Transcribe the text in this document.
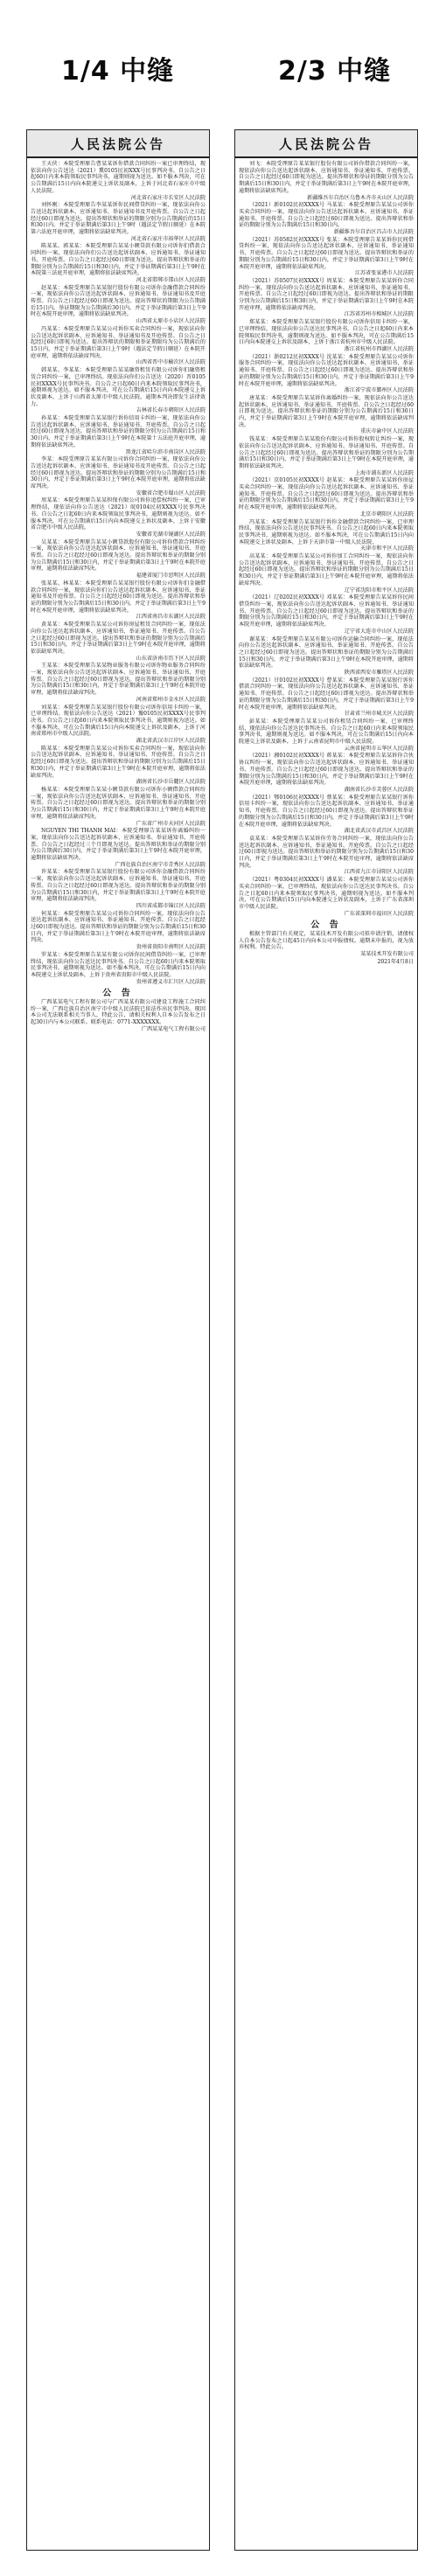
1/4 中缝	2/3 中缝
人民法院公告

王天侠：本院受理原告曹某某诉你借款合同纠纷一案已审理终结，现依法向你公告送达（2021）冀0105民初XXX号民事判决书。自公告之日起60日内来本院领取民事判决书，逾期则视为送达。如不服本判决，可在公告期满后15日内向本院递交上诉状及副本，上诉于河北省石家庄市中级人民法院。

河北省石家庄市长安区人民法院

刘怀刚：本院受理原告李某某诉你民间借贷纠纷一案，现依法向你公告送达起诉状副本、应诉通知书、举证通知书及开庭传票。自公告之日起经过60日即视为送达。提出答辩状和举证的期限分别为公告期满后的15日和30日内。并定于举证期满后第3日上午9时（遇法定节假日顺延）在本院第六法庭开庭审理，逾期将依法缺席判决。

河北省石家庄市裕华区人民法院

陈某某、郭某某：本院受理原告某某小额贷款有限公司诉你们借款合同纠纷一案，现依法向你们公告送达起诉状副本、应诉通知书、举证通知书、开庭传票。自公告之日起经过60日即视为送达。提出答辩状和举证的期限分别为公告期满后15日和30日内，并定于举证期满后第3日上午9时在本院第三法庭开庭审理，逾期将依法缺席判决。

河北省邯郸市邯山区人民法院

赵某某：本院受理原告某某银行股份有限公司诉你金融借款合同纠纷一案，现依法向你公告送达起诉状副本、应诉通知书、举证通知书及开庭传票。自公告之日起经过60日即视为送达。提出答辩状的期限为公告期满后15日内，举证期限为公告期满后30日内。并定于举证期满后第3日上午9时在本院开庭审理，逾期将依法缺席判决。

山西省太原市小店区人民法院

冯某某：本院受理原告某某公司诉你买卖合同纠纷一案，现依法向你公告送达起诉状副本、应诉通知书、举证通知书及开庭传票。自公告之日起经过60日即视为送达。提出答辩状的期限和举证期限均为公告期满后的15日内，并定于举证期满后第3日上午9时（遇法定节假日顺延）在本院开庭审理，逾期将依法缺席判决。

山西省晋中市榆次区人民法院

韩某某、李某某：本院受理原告某某融资租赁有限公司诉你们融资租赁合同纠纷一案，已审理终结。现依法向你们公告送达（2020）晋0105民初XXXX号民事判决书。自公告之日起60日内来本院领取民事判决书，逾期则视为送达。如不服本判决，可在公告期满后15日内向本院递交上诉状及副本，上诉于山西省太原市中级人民法院。逾期本判决即发生法律效力。

吉林省长春市朝阳区人民法院

孙某某：本院受理原告某某银行诉你信用卡纠纷一案，现依法向你公告送达起诉状副本、应诉通知书、举证通知书、开庭传票。自公告之日起经过60日即视为送达。提出答辩状和举证的期限分别为公告期满后15日和30日内，并定于举证期满后第3日上午9时在本院第十五法庭开庭审理，逾期将依法缺席判决。

黑龙江省哈尔滨市南岗区人民法院

李某：本院受理原告某某有限公司诉你合同纠纷一案，现依法向你公告送达起诉状副本、应诉通知书、举证通知书及开庭传票。自公告之日起经过60日即视为送达。提出答辩状和举证的期限分别为公告期满后15日和30日内，并定于举证期满后第3日上午9时在本院开庭审理，逾期将依法缺席判决。

安徽省合肥市蜀山区人民法院

周某某：本院受理原告某某担保有限公司诉你追偿权纠纷一案，已审理终结，现依法向你公告送达（2021）皖0104民初XXXX号民事判决书。自公告之日起60日内来本院领取民事判决书，逾期则视为送达。如不服本判决，可在公告期满后15日内向本院递交上诉状及副本，上诉于安徽省合肥市中级人民法院。

安徽省芜湖市镜湖区人民法院

吴某某：本院受理原告某某小额贷款股份有限公司诉你借款合同纠纷一案，现依法向你公告送达起诉状副本、应诉通知书、举证通知书、开庭传票。自公告之日起经过60日即视为送达。提出答辩状和举证的期限分别为公告期满后15日和30日内，并定于举证期满后第3日上午9时在本院开庭审理，逾期将依法缺席判决。

福建省厦门市思明区人民法院

张某某、林某某：本院受理原告某某银行股份有限公司诉你们金融借款合同纠纷一案，现依法向你们公告送达起诉状副本、应诉通知书、举证通知书及开庭传票。自公告之日起经过60日即视为送达。提出答辩状和举证的期限分别为公告期满后15日和30日内。并定于举证期满后第3日上午9时在本院开庭审理，逾期将依法缺席判决。

江西省南昌市东湖区人民法院

黄某某：本院受理原告某某公司诉你房屋租赁合同纠纷一案，现依法向你公告送达起诉状副本、应诉通知书、举证通知书、开庭传票。自公告之日起经过60日即视为送达。提出答辩状和举证的期限分别为公告期满后15日和30日内，并定于举证期满后第3日上午9时在本院开庭审理，逾期将依法缺席判决。

山东省济南市历下区人民法院

王某某：本院受理原告某某物业服务有限公司诉你物业服务合同纠纷一案，现依法向你公告送达起诉状副本、应诉通知书、举证通知书、开庭传票。自公告之日起经过60日即视为送达。提出答辩状和举证的期限分别为公告期满后15日和30日内，并定于举证期满后第3日上午9时在本院开庭审理，逾期将依法缺席判决。

河南省郑州市金水区人民法院

刘某某：本院受理原告某某银行股份有限公司诉你信用卡纠纷一案，已审理终结。现依法向你公告送达（2021）豫0105民初XXXX号民事判决书。自公告之日起60日内来本院领取民事判决书，逾期则视为送达。如不服本判决，可在公告期满后15日内向本院递交上诉状及副本，上诉于河南省郑州市中级人民法院。

湖北省武汉市江岸区人民法院

陈某某：本院受理原告某某公司诉你买卖合同纠纷一案，现依法向你公告送达起诉状副本、应诉通知书、举证通知书、开庭传票。自公告之日起经过60日即视为送达。提出答辩状和举证的期限分别为公告期满后15日和30日内，并定于举证期满后第3日上午9时在本院开庭审理，逾期将依法缺席判决。

湖南省长沙市岳麓区人民法院

杨某某：本院受理原告某某小额贷款有限公司诉你小额借款合同纠纷一案，现依法向你公告送达起诉状副本、应诉通知书、举证通知书、开庭传票。自公告之日起经过60日即视为送达。提出答辩状和举证的期限分别为公告期满后15日和30日内，并定于举证期满后第3日上午9时在本院开庭审理，逾期将依法缺席判决。

广东省广州市天河区人民法院

NGUYEN THI THANH MAI：本院受理原告某某诉你离婚纠纷一案，现依法向你公告送达起诉状副本、应诉通知书、举证通知书、开庭传票。自公告之日起经过三个月即视为送达。提出答辩状和举证的期限分别为公告期满后30日内，并定于举证期满后第3日上午9时在本院开庭审理，逾期将依法缺席判决。

广西壮族自治区南宁市青秀区人民法院

许某某：本院受理原告某某银行股份有限公司诉你金融借款合同纠纷一案，现依法向你公告送达起诉状副本、应诉通知书、举证通知书、开庭传票。自公告之日起经过60日即视为送达。提出答辩状和举证的期限分别为公告期满后15日和30日内，并定于举证期满后第3日上午9时在本院开庭审理，逾期将依法缺席判决。

四川省成都市锦江区人民法院

何某某：本院受理原告某某公司诉你合同纠纷一案，现依法向你公告送达起诉状副本、应诉通知书、举证通知书、开庭传票。自公告之日起经过60日即视为送达。提出答辩状和举证的期限分别为公告期满后15日和30日内，并定于举证期满后第3日上午9时在本院开庭审理，逾期将依法缺席判决。

贵州省贵阳市南明区人民法院

罗某某：本院受理原告某某有限公司诉你民间借贷纠纷一案，已审理终结，现依法向你公告送达民事判决书。自公告之日起60日内来本院领取民事判决书，逾期则视为送达。如不服本判决，可在公告期满后15日内向本院递交上诉状及副本，上诉于贵州省贵阳市中级人民法院。

贵州省遵义市汇川区人民法院

公 告

广西某某电气工程有限公司与广西某某有限公司建设工程施工合同纠纷一案，广西壮族自治区南宁市中级人民法院已依法作出民事判决。现因本公司无法联系相关当事人，特此公告，请相关权利人自本公告发布之日起30日内与本公司联系。联系电话：0771-XXXXXXX。

广西某某电气工程有限公司

人民法院公告

刘飞：本院受理原告某某银行股份有限公司诉你借款合同纠纷一案，现依法向你公告送达起诉状副本、应诉通知书、举证通知书、开庭传票。自公告之日起经过60日即视为送达。提出答辩状和举证的期限分别为公告期满后15日和30日内，并定于举证期满后第3日上午9时在本院开庭审理，逾期将依法缺席判决。

新疆维吾尔自治区乌鲁木齐市天山区人民法院

（2021）新0102民初XXXX号 马某某：本院受理原告某某公司诉你买卖合同纠纷一案，现依法向你公告送达起诉状副本、应诉通知书、举证通知书、开庭传票。自公告之日起经过60日即视为送达。提出答辩状和举证的期限分别为公告期满后15日和30日内。

新疆维吾尔自治区昌吉市人民法院

（2021）苏0582民初XXXX号 张某：本院受理原告某某诉你民间借贷纠纷一案，现依法向你公告送达起诉状副本、应诉通知书、举证通知书、开庭传票。自公告之日起经过60日即视为送达。提出答辩状和举证的期限分别为公告期满后15日和30日内，并定于举证期满后第3日上午9时在本院开庭审理，逾期将依法缺席判决。

江苏省张家港市人民法院

（2021）苏0507民初XXXX号 周某某：本院受理原告某某诉你合同纠纷一案，现依法向你公告送达起诉状副本、应诉通知书、举证通知书、开庭传票。自公告之日起经过60日即视为送达。提出答辩状和举证的期限分别为公告期满后15日和30日内，并定于举证期满后第3日上午9时在本院开庭审理，逾期将依法缺席判决。

江苏省苏州市相城区人民法院

郑某某：本院受理原告某某银行股份有限公司诉你信用卡纠纷一案，已审理终结，现依法向你公告送达民事判决书。自公告之日起60日内来本院领取民事判决书，逾期则视为送达。如不服本判决，可在公告期满后15日内向本院递交上诉状及副本，上诉于浙江省杭州市中级人民法院。

浙江省杭州市西湖区人民法院

（2021）浙0212民初XXXX号 沈某某：本院受理原告某某公司诉你服务合同纠纷一案，现依法向你公告送达起诉状副本、应诉通知书、举证通知书、开庭传票。自公告之日起经过60日即视为送达。提出答辩状和举证的期限分别为公告期满后15日和30日内，并定于举证期满后第3日上午9时在本院开庭审理，逾期将依法缺席判决。

浙江省宁波市鄞州区人民法院

唐某某：本院受理原告某某诉你离婚纠纷一案，现依法向你公告送达起诉状副本、应诉通知书、举证通知书、开庭传票。自公告之日起经过60日即视为送达。提出答辩状和举证的期限分别为公告期满后15日和30日内，并定于举证期满后第3日上午9时在本院开庭审理，逾期将依法缺席判决。

重庆市渝中区人民法院

钱某某：本院受理原告某某股份有限公司诉你股权转让纠纷一案，现依法向你公告送达起诉状副本、应诉通知书、举证通知书、开庭传票。自公告之日起经过60日即视为送达。提出答辩状和举证的期限分别为公告期满后15日和30日内，并定于举证期满后第3日上午9时在本院开庭审理，逾期将依法缺席判决。

上海市浦东新区人民法院

（2021）京0105民初XXXX号 赵某某：本院受理原告某某诉你房屋买卖合同纠纷一案，现依法向你公告送达起诉状副本、应诉通知书、举证通知书、开庭传票。自公告之日起经过60日即视为送达。提出答辩状和举证的期限分别为公告期满后15日和30日内，并定于举证期满后第3日上午9时在本院开庭审理，逾期将依法缺席判决。

北京市朝阳区人民法院

冯某某：本院受理原告某某银行诉你金融借款合同纠纷一案，已审理终结，现依法向你公告送达民事判决书。自公告之日起60日内来本院领取民事判决书，逾期则视为送达。如不服本判决，可在公告期满后15日内向本院递交上诉状及副本，上诉于天津市第一中级人民法院。

天津市和平区人民法院

高某某：本院受理原告某某公司诉你加工合同纠纷一案，现依法向你公告送达起诉状副本、应诉通知书、举证通知书、开庭传票。自公告之日起经过60日即视为送达。提出答辩状和举证的期限分别为公告期满后15日和30日内，并定于举证期满后第3日上午9时在本院开庭审理，逾期将依法缺席判决。

辽宁省沈阳市和平区人民法院

（2021）辽0202民初XXXX号 邓某某：本院受理原告某某诉你民间借贷纠纷一案，现依法向你公告送达起诉状副本、应诉通知书、举证通知书、开庭传票。自公告之日起经过60日即视为送达。提出答辩状和举证的期限分别为公告期满后15日和30日内，并定于举证期满后第3日上午9时在本院开庭审理，逾期将依法缺席判决。

辽宁省大连市中山区人民法院

谢某某：本院受理原告某某有限公司诉你运输合同纠纷一案，现依法向你公告送达起诉状副本、应诉通知书、举证通知书、开庭传票。自公告之日起经过60日即视为送达。提出答辩状和举证的期限分别为公告期满后15日和30日内，并定于举证期满后第3日上午9时在本院开庭审理，逾期将依法缺席判决。

陕西省西安市雁塔区人民法院

（2021）甘0102民初XXXX号 曹某某：本院受理原告某某银行诉你借款合同纠纷一案，现依法向你公告送达起诉状副本、应诉通知书、举证通知书、开庭传票。自公告之日起经过60日即视为送达。提出答辩状和举证的期限分别为公告期满后15日和30日内，并定于举证期满后第3日上午9时在本院开庭审理，逾期将依法缺席判决。

甘肃省兰州市城关区人民法院

彭某某：本院受理原告某某公司诉你租赁合同纠纷一案，已审理终结，现依法向你公告送达民事判决书。自公告之日起60日内来本院领取民事判决书，逾期则视为送达。如不服本判决，可在公告期满后15日内向本院递交上诉状及副本，上诉于云南省昆明市中级人民法院。

云南省昆明市五华区人民法院

（2021）湘0102民初XXXX号 蒋某某：本院受理原告某某诉你合伙协议纠纷一案，现依法向你公告送达起诉状副本、应诉通知书、举证通知书、开庭传票。自公告之日起经过60日即视为送达。提出答辩状和举证的期限分别为公告期满后15日和30日内，并定于举证期满后第3日上午9时在本院开庭审理，逾期将依法缺席判决。

湖南省长沙市芙蓉区人民法院

（2021）鄂0106民初XXXX号 蔡某某：本院受理原告某某银行诉你信用卡纠纷一案，现依法向你公告送达起诉状副本、应诉通知书、举证通知书、开庭传票。自公告之日起经过60日即视为送达。提出答辩状和举证的期限分别为公告期满后15日和30日内，并定于举证期满后第3日上午9时在本院开庭审理，逾期将依法缺席判决。

湖北省武汉市武昌区人民法院

袁某某：本院受理原告某某诉你劳务合同纠纷一案，现依法向你公告送达起诉状副本、应诉通知书、举证通知书、开庭传票。自公告之日起经过60日即视为送达。提出答辩状和举证的期限分别为公告期满后15日和30日内，并定于举证期满后第3日上午9时在本院开庭审理，逾期将依法缺席判决。

江西省九江市浔阳区人民法院

（2021）粤0304民初XXXX号 潘某某：本院受理原告某某公司诉你买卖合同纠纷一案，已审理终结，现依法向你公告送达民事判决书。自公告之日起60日内来本院领取民事判决书，逾期则视为送达。如不服本判决，可在公告期满后15日内向本院递交上诉状及副本，上诉于广东省深圳市中级人民法院。

广东省深圳市福田区人民法院

公 告

根据主管部门有关规定，某某技术开发有限公司拟申请注销，请债权人自本公告发布之日起45日内向本公司申报债权。逾期未申报的，视为放弃权利。特此公告。

某某技术开发有限公司

2021年4月8日
